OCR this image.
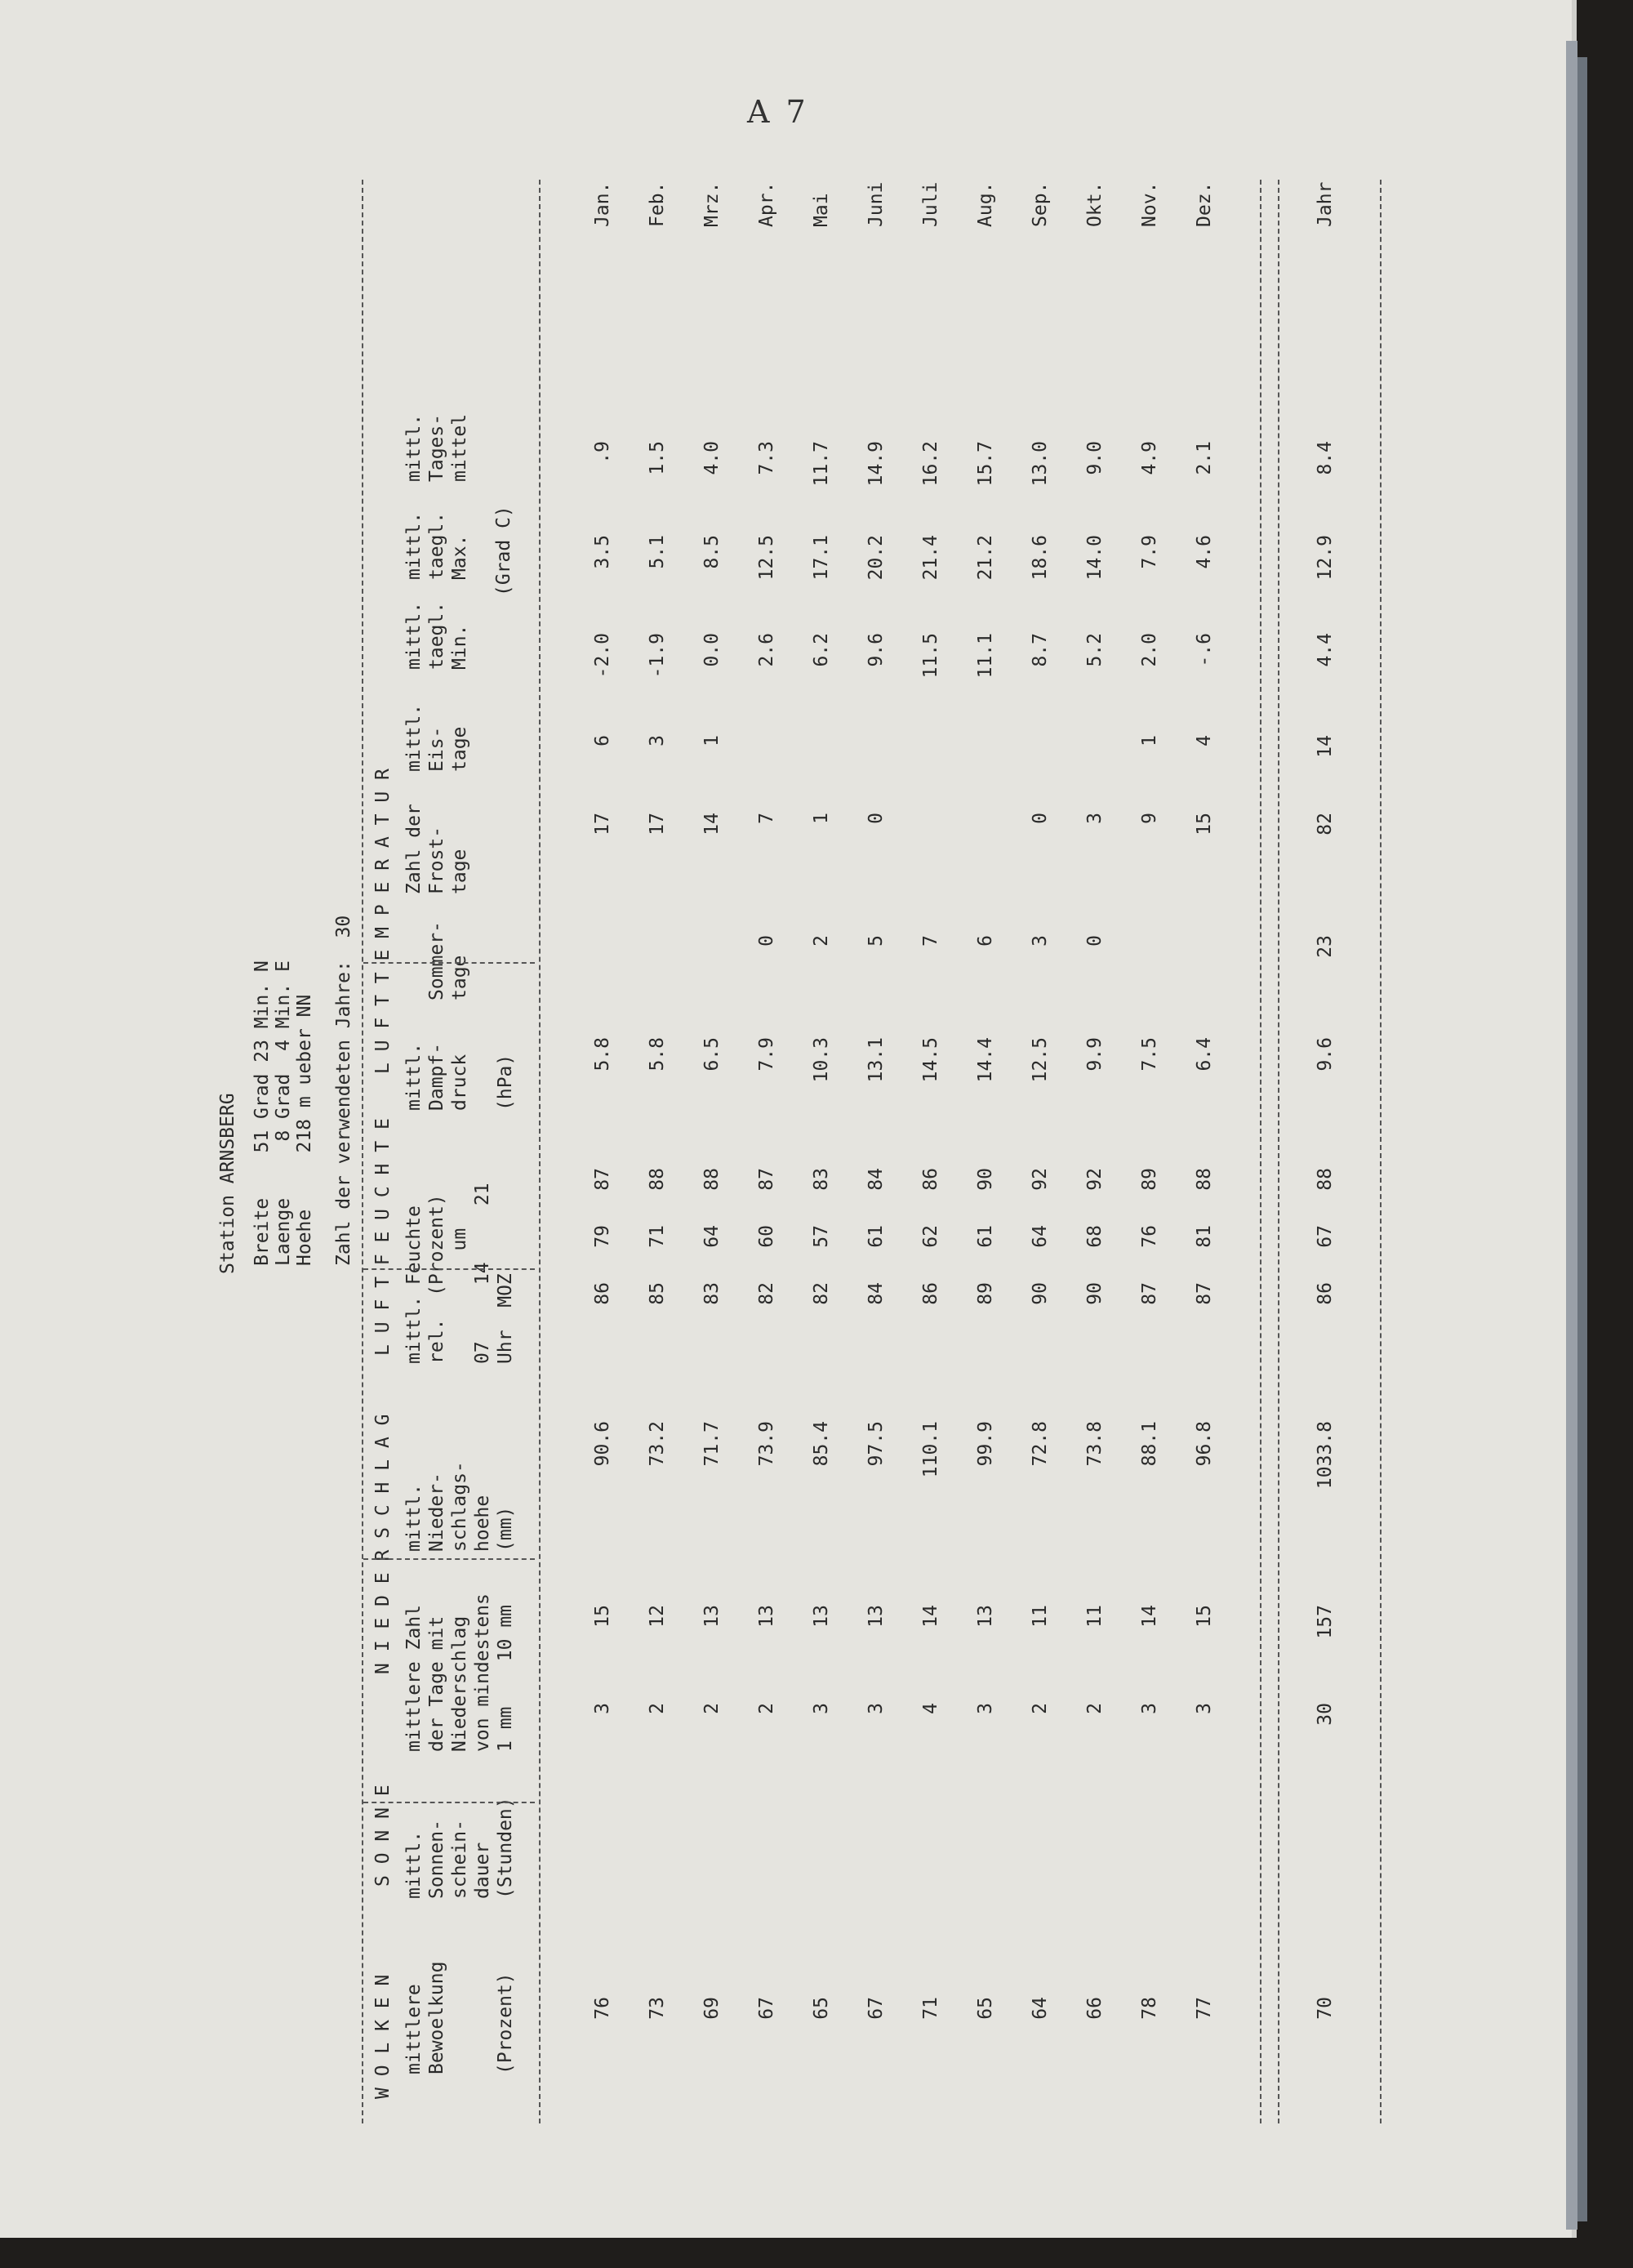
A 7
Station ARNSBERG Breite    51 Grad 23 Min. N Laenge     8 Grad  4 Min. E Hoehe     218 m ueber NN Zahl der verwendeten Jahre:  30 L U F T T E M P E R A T U R
L U F T F E U C H T E
N I E D E R S C H L A G
S O N N E
W O L K E N
mittl.
Tages-
mittel
mittl.
taegl.
Max.
mittl.
taegl.
Min.
(Grad C)
mittl.
Eis-
tage
Zahl der
Frost-
tage
Sommer-
tage
mittl.
Dampf-
druck

(hPa)
mittl. Feuchte
rel.  (Prozent)
um
07     14     21
Uhr  MOZ
mittl.
Nieder-
schlags-
hoehe
(mm)
mittlere Zahl
der Tage mit
Niederschlag
von mindestens
1 mm    10 mm
mittl.
Sonnen-
schein-
dauer
(Stunden)
mittlere
Bewoelkung

(Prozent)
Jan.
.9
3.5
-2.0
6
17
5.8
87
79
86
90.6
15
3
76
Feb.
1.5
5.1
-1.9
3
17
5.8
88
71
85
73.2
12
2
73
Mrz.
4.0
8.5
0.0
1
14
6.5
88
64
83
71.7
13
2
69
Apr.
7.3
12.5
2.6
7
0
7.9
87
60
82
73.9
13
2
67
Mai
11.7
17.1
6.2
1
2
10.3
83
57
82
85.4
13
3
65
Juni
14.9
20.2
9.6
0
5
13.1
84
61
84
97.5
13
3
67
Juli
16.2
21.4
11.5
7
14.5
86
62
86
110.1
14
4
71
Aug.
15.7
21.2
11.1
6
14.4
90
61
89
99.9
13
3
65
Sep.
13.0
18.6
8.7
0
3
12.5
92
64
90
72.8
11
2
64
Okt.
9.0
14.0
5.2
3
0
9.9
92
68
90
73.8
11
2
66
Nov.
4.9
7.9
2.0
1
9
7.5
89
76
87
88.1
14
3
78
Dez.
2.1
4.6
-.6
4
15
6.4
88
81
87
96.8
15
3
77
Jahr
8.4
12.9
4.4
14
82
23
9.6
88
67
86
1033.8
157
30
70
